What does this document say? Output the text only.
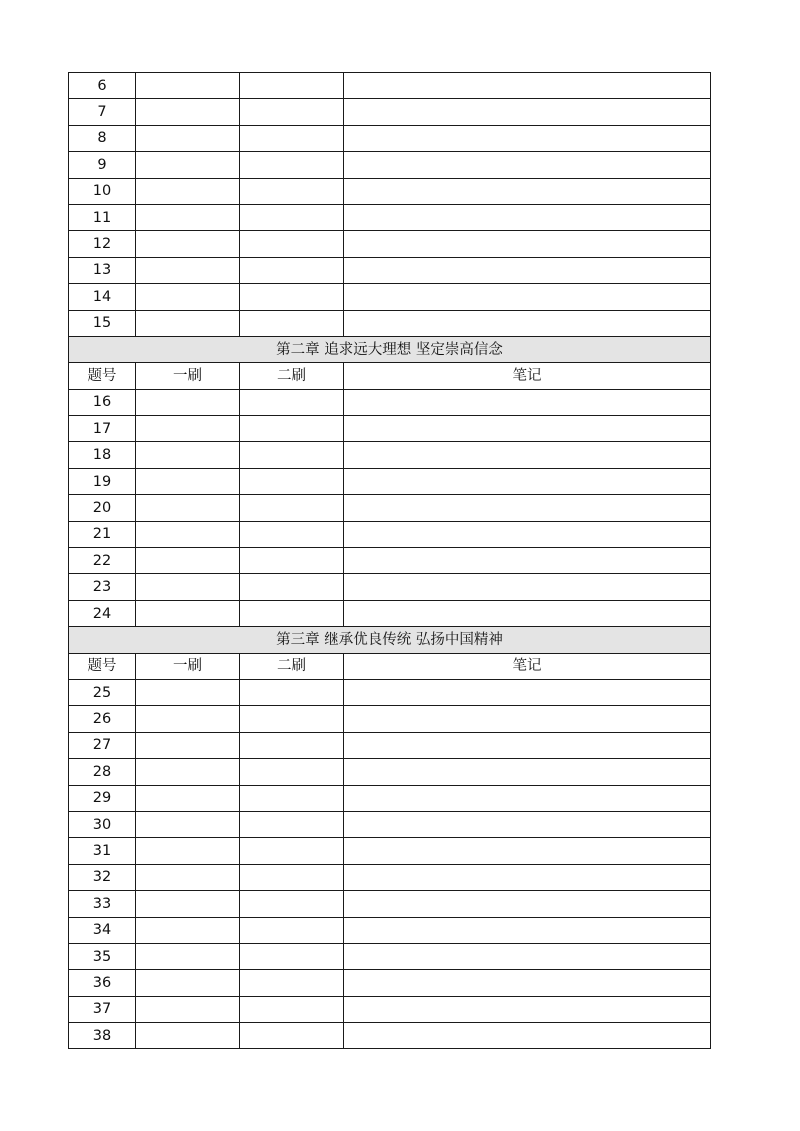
6			
7			
8			
9			
10			
11			
12			
13			
14			
15			
第二章 追求远大理想 坚定崇高信念			
题号	一刷	二刷	笔记
16			
17			
18			
19			
20			
21			
22			
23			
24			
第三章 继承优良传统 弘扬中国精神			
题号	一刷	二刷	笔记
25			
26			
27			
28			
29			
30			
31			
32			
33			
34			
35			
36			
37			
38			
